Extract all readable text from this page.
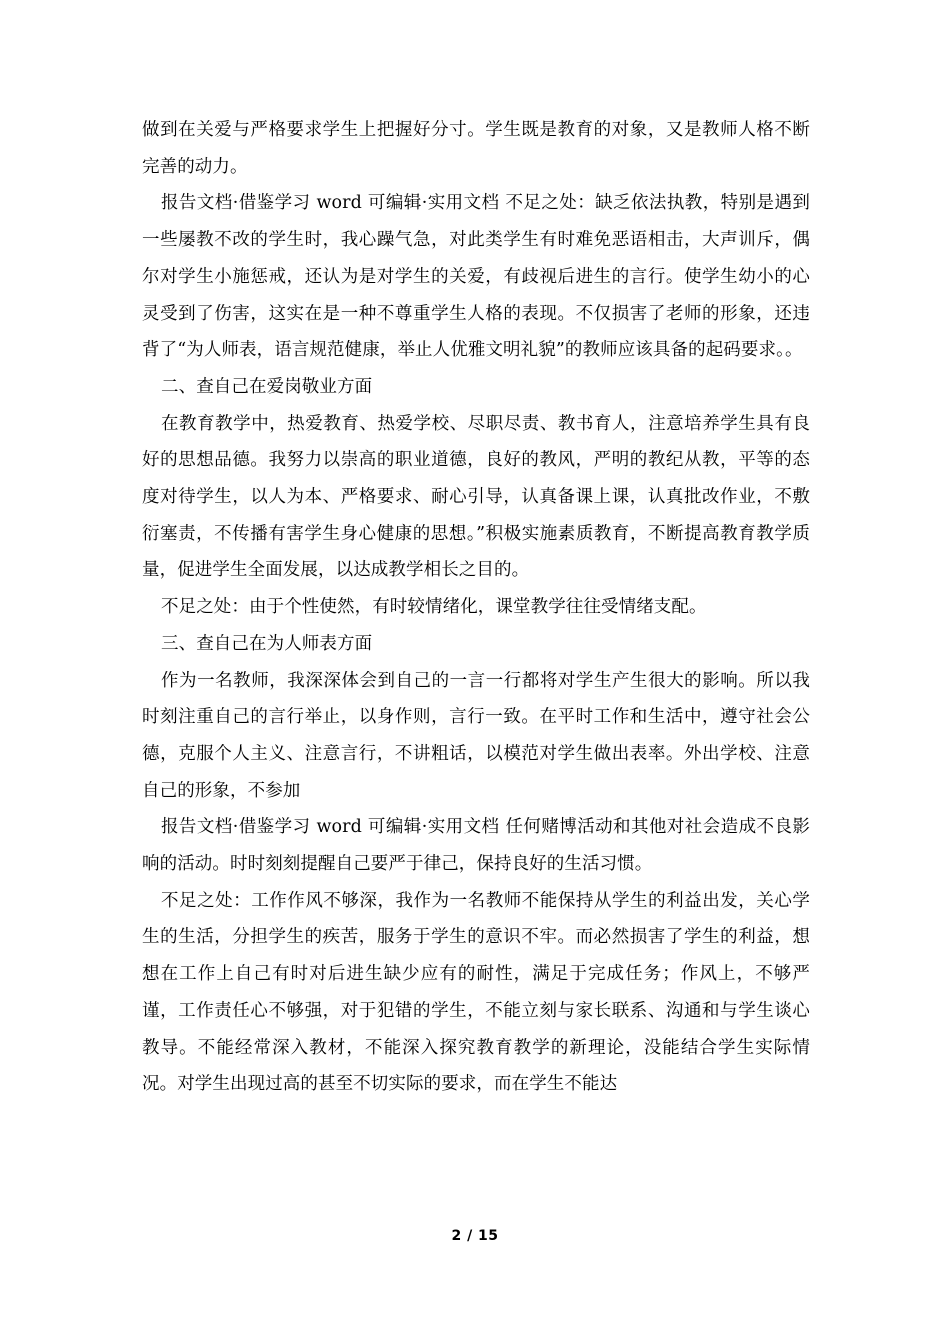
做到在关爱与严格要求学生上把握好分寸。学生既是教育的对象，又是教师人格不断完善的动力。

报告文档·借鉴学习 word 可编辑·实用文档 不足之处：缺乏依法执教，特别是遇到一些屡教不改的学生时，我心躁气急，对此类学生有时难免恶语相击，大声训斥，偶尔对学生小施惩戒，还认为是对学生的关爱，有歧视后进生的言行。使学生幼小的心灵受到了伤害，这实在是一种不尊重学生人格的表现。不仅损害了老师的形象，还违背了“为人师表，语言规范健康，举止人优雅文明礼貌”的教师应该具备的起码要求。。

二、查自己在爱岗敬业方面

在教育教学中，热爱教育、热爱学校、尽职尽责、教书育人，注意培养学生具有良好的思想品德。我努力以崇高的职业道德，良好的教风，严明的教纪从教，平等的态度对待学生，以人为本、严格要求、耐心引导，认真备课上课，认真批改作业，不敷衍塞责，不传播有害学生身心健康的思想。”积极实施素质教育，不断提高教育教学质量，促进学生全面发展，以达成教学相长之目的。

不足之处：由于个性使然，有时较情绪化，课堂教学往往受情绪支配。

三、查自己在为人师表方面

作为一名教师，我深深体会到自己的一言一行都将对学生产生很大的影响。所以我时刻注重自己的言行举止，以身作则，言行一致。在平时工作和生活中，遵守社会公德，克服个人主义、注意言行，不讲粗话，以模范对学生做出表率。外出学校、注意自己的形象，不参加

报告文档·借鉴学习 word 可编辑·实用文档 任何赌博活动和其他对社会造成不良影响的活动。时时刻刻提醒自己要严于律己，保持良好的生活习惯。

不足之处：工作作风不够深，我作为一名教师不能保持从学生的利益出发，关心学生的生活，分担学生的疾苦，服务于学生的意识不牢。而必然损害了学生的利益，想想在工作上自己有时对后进生缺少应有的耐性，满足于完成任务；作风上，不够严谨，工作责任心不够强，对于犯错的学生，不能立刻与家长联系、沟通和与学生谈心教导。不能经常深入教材，不能深入探究教育教学的新理论，没能结合学生实际情况。对学生出现过高的甚至不切实际的要求，而在学生不能达

2 / 15
